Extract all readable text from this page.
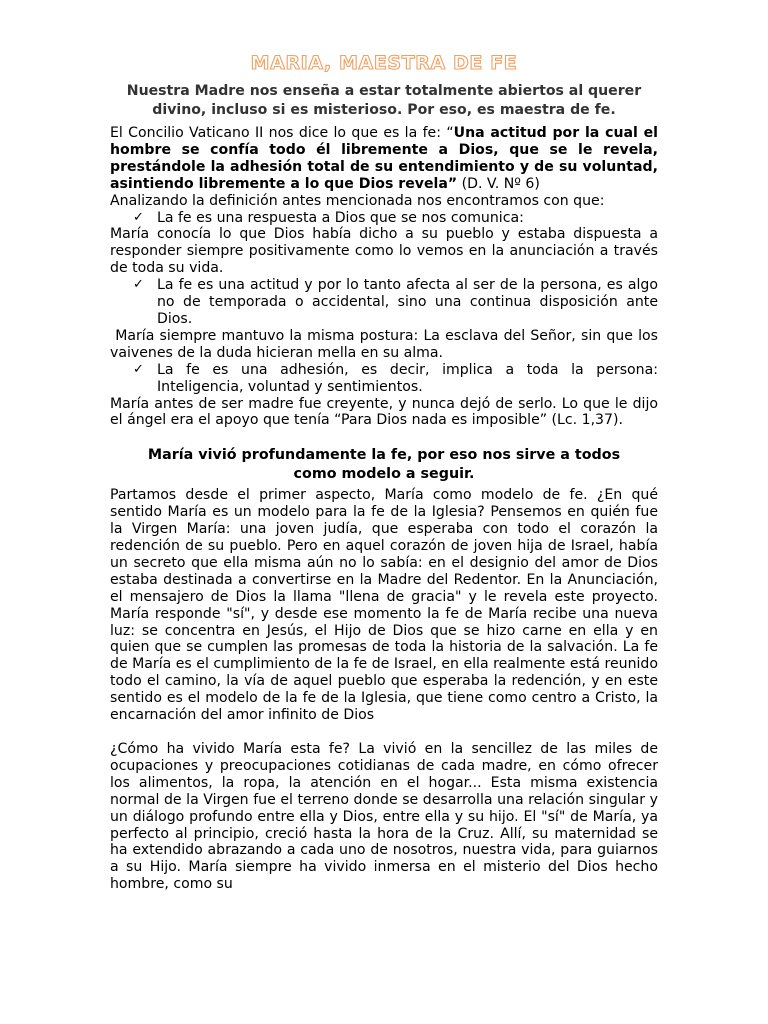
MARIA, MAESTRA DE FE
Nuestra Madre nos enseña a estar totalmente abiertos al querer divino, incluso si es misterioso. Por eso, es maestra de fe.

El Concilio Vaticano II nos dice lo que es la fe: “Una actitud por la cual el hombre se confía todo él libremente a Dios, que se le revela, prestándole la adhesión total de su entendimiento y de su voluntad, asintiendo libremente a lo que Dios revela” (D. V. Nº 6)

Analizando la definición antes mencionada nos encontramos con que:

✓ La fe es una respuesta a Dios que se nos comunica:

María conocía lo que Dios había dicho a su pueblo y estaba dispuesta a responder siempre positivamente como lo vemos en la anunciación a través de toda su vida.

✓ La fe es una actitud y por lo tanto afecta al ser de la persona, es algo no de temporada o accidental, sino una continua disposición ante Dios.

María siempre mantuvo la misma postura: La esclava del Señor, sin que los vaivenes de la duda hicieran mella en su alma.

✓ La fe es una adhesión, es decir, implica a toda la persona: Inteligencia, voluntad y sentimientos.

María antes de ser madre fue creyente, y nunca dejó de serlo. Lo que le dijo el ángel era el apoyo que tenía “Para Dios nada es imposible” (Lc. 1,37).

María vivió profundamente la fe, por eso nos sirve a todos como modelo a seguir.

Partamos desde el primer aspecto, María como modelo de fe. ¿En qué sentido María es un modelo para la fe de la Iglesia? Pensemos en quién fue la Virgen María: una joven judía, que esperaba con todo el corazón la redención de su pueblo. Pero en aquel corazón de joven hija de Israel, había un secreto que ella misma aún no lo sabía: en el designio del amor de Dios estaba destinada a convertirse en la Madre del Redentor. En la Anunciación, el mensajero de Dios la llama "llena de gracia" y le revela este proyecto. María responde "sí", y desde ese momento la fe de María recibe una nueva luz: se concentra en Jesús, el Hijo de Dios que se hizo carne en ella y en quien que se cumplen las promesas de toda la historia de la salvación. La fe de María es el cumplimiento de la fe de Israel, en ella realmente está reunido todo el camino, la vía de aquel pueblo que esperaba la redención, y en este sentido es el modelo de la fe de la Iglesia, que tiene como centro a Cristo, la encarnación del amor infinito de Dios

¿Cómo ha vivido María esta fe? La vivió en la sencillez de las miles de ocupaciones y preocupaciones cotidianas de cada madre, en cómo ofrecer los alimentos, la ropa, la atención en el hogar... Esta misma existencia normal de la Virgen fue el terreno donde se desarrolla una relación singular y un diálogo profundo entre ella y Dios, entre ella y su hijo. El "sí" de María, ya perfecto al principio, creció hasta la hora de la Cruz. Allí, su maternidad se ha extendido abrazando a cada uno de nosotros, nuestra vida, para guiarnos a su Hijo. María siempre ha vivido inmersa en el misterio del Dios hecho hombre, como su
